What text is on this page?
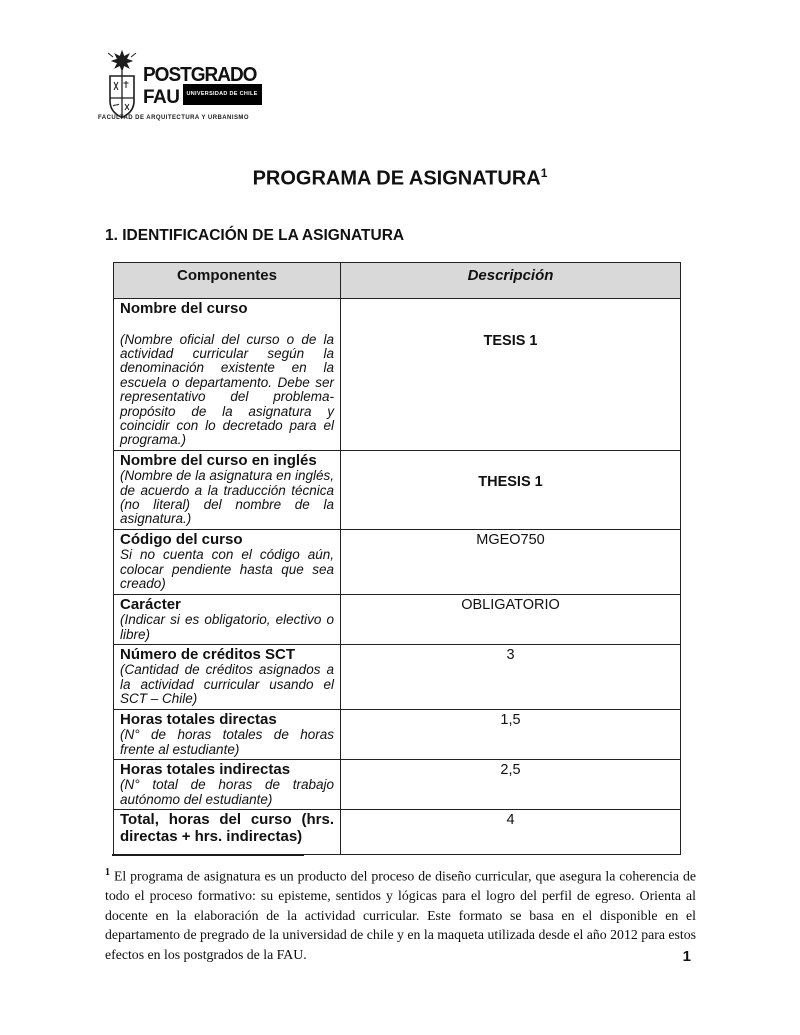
POSTGRADO
FAU	UNIVERSIDAD DE CHILE
FACULTAD DE ARQUITECTURA Y URBANISMO
PROGRAMA DE ASIGNATURA$^1$
1. IDENTIFICACIÓN DE LA ASIGNATURA
Componentes	Descripción

Nombre del curso
(Nombre oficial del curso o de la actividad curricular según la denominación existente en la escuela o departamento. Debe ser representativo del problema-propósito de la asignatura y coincidir con lo decretado para el programa.)	TESIS 1

Nombre del curso en inglés
(Nombre de la asignatura en inglés, de acuerdo a la traducción técnica (no literal) del nombre de la asignatura.)	THESIS 1

Código del curso
Si no cuenta con el código aún, colocar pendiente hasta que sea creado)	MGEO750

Carácter
(Indicar si es obligatorio, electivo o libre)	OBLIGATORIO

Número de créditos SCT
(Cantidad de créditos asignados a la actividad curricular usando el SCT – Chile)	3

Horas totales directas
(N° de horas totales de horas frente al estudiante)	1,5

Horas totales indirectas
(N° total de horas de trabajo autónomo del estudiante)	2,5

Total, horas del curso (hrs. directas + hrs. indirectas)	4
$^1$ El programa de asignatura es un producto del proceso de diseño curricular, que asegura la coherencia de todo el proceso formativo: su episteme, sentidos y lógicas para el logro del perfil de egreso. Orienta al docente en la elaboración de la actividad curricular. Este formato se basa en el disponible en el departamento de pregrado de la universidad de chile y en la maqueta utilizada desde el año 2012 para estos efectos en los postgrados de la FAU.	1
